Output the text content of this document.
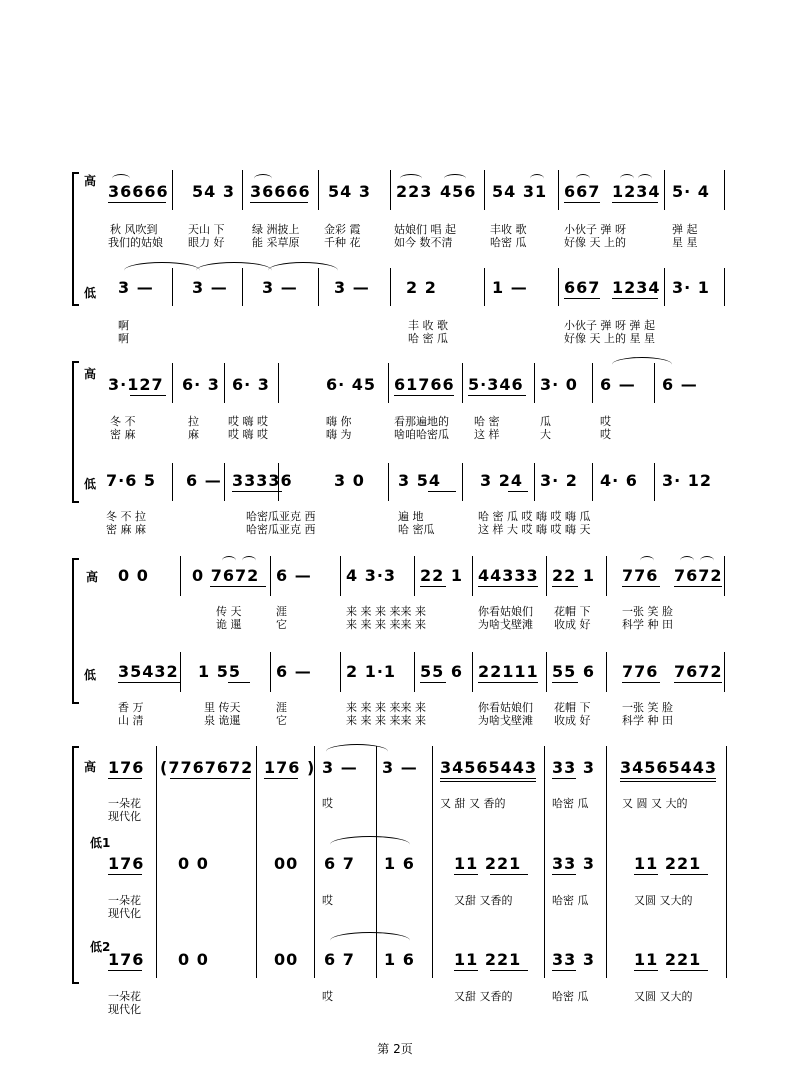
高
低
36666 54 3 36666 54 3 223 456 54 31 667 1234 5· 4
秋 风吹到	天山 下	绿 洲披上 金彩 霞	姑娘们 唱 起	丰收 歌	小伙子 弹 呀	弹 起
我们的姑娘 眼力 好	能 采草原 千种 花	如今 数不清	哈密 瓜	好像 天 上的	星 星
3 — 3 — 3 — 3 — 2 2	1 — 667 1234 3· 1
啊	丰 收 歌	小伙子 弹 呀 弹 起
啊	哈 密 瓜	好像 天 上的 星 星
高
低
3·127 6· 3 6· 3	6· 45 61766 5·346 3· 0 6 — 6 —
冬 不	拉	哎 嗨 哎	嗨 你	看那遍地的 哈 密	瓜	哎
密 麻	麻	哎 嗨 哎	嗨 为	啥咱哈密瓜 这 样	大	哎
7·6 5 6 — 33336	3 0 3 54 3 24 3· 2 4· 6 3· 12
冬 不 拉	哈密瓜亚克 西	遍 地	哈 密 瓜 哎 嗨 哎 嗨 瓜
密 麻 麻	哈密瓜亚克 西	哈 密瓜	这 样 大 哎 嗨 哎 嗨 天
高
低
0 0	0 7672 6 — 4 3·3 22 1 44333 22 1 776 7672
传 天	涯	来 来 来 来来 来	你看姑娘们 花帽 下	一张 笑 脸
诡 暹	它	来 来 来 来来 来	为啥戈壁滩 收成 好	科学 种 田
35432 1 55 6 — 2 1·1 55 6 22111 55 6 776 7672
香 万	里 传天	涯	来 来 来 来来 来	你看姑娘们 花帽 下	一张 笑 脸
山 清	泉 诡暹	它	来 来 来 来来 来	为啥戈壁滩 收成 好	科学 种 田
高
低1
低2
176 (7767672 176 ) 3 — 3 — 34565443 33 3 34565443
一朵花	哎	又 甜 又 香的	哈密 瓜	又 圆 又 大的
现代化
176 0 0	00 6 7 1 6 11 221 33 3 11 221
一朵花	哎	又甜 又香的	哈密 瓜	又圆 又大的
现代化
176 0 0	00 6 7 1 6 11 221 33 3 11 221
一朵花	哎	又甜 又香的	哈密 瓜	又圆 又大的
现代化
第 2页
